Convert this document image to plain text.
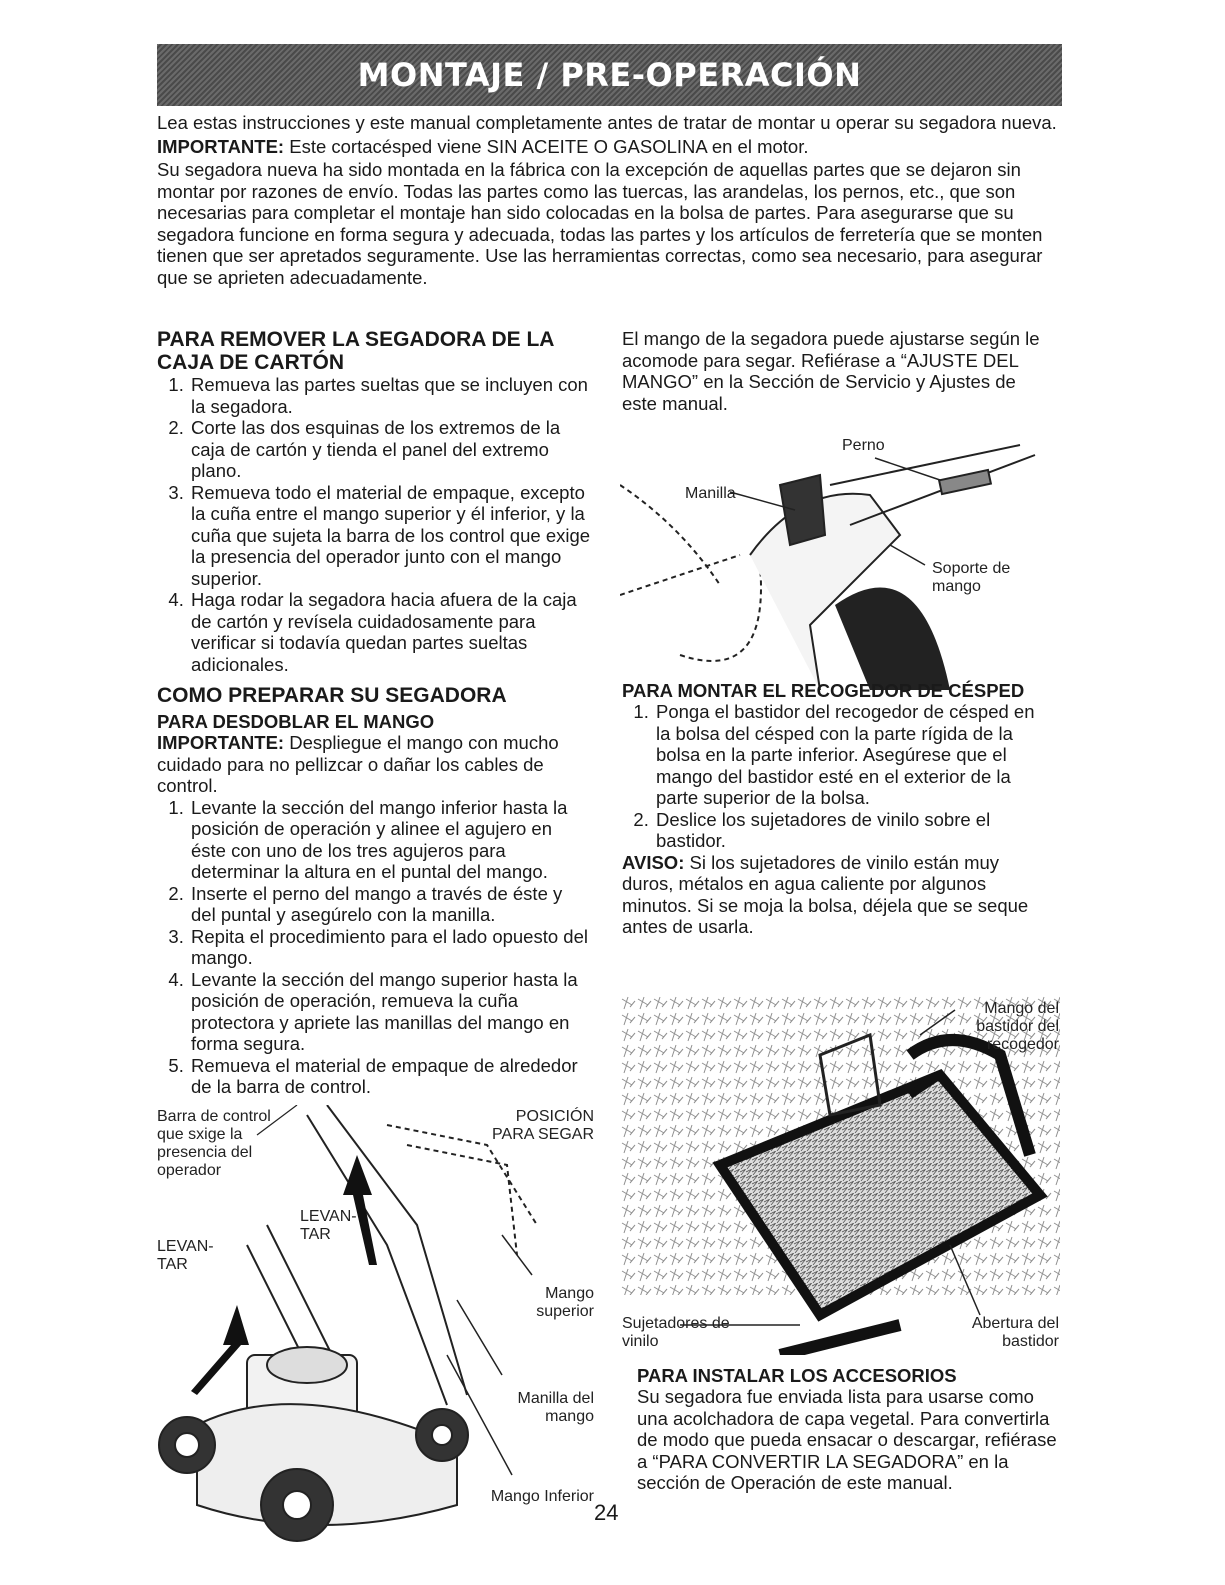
MONTAJE / PRE-OPERACIÓN

Lea estas instrucciones y este manual completamente antes de tratar de montar u operar su segadora nueva.

IMPORTANTE: Este cortacésped viene SIN ACEITE O GASOLINA en el motor.

Su segadora nueva ha sido montada en la fábrica con la excepción de aquellas partes que se dejaron sin montar por razones de envío. Todas las partes como las tuercas, las arandelas, los pernos, etc., que son necesarias para completar el montaje han sido colocadas en la bolsa de partes. Para asegurarse que su segadora funcione en forma segura y adecuada, todas las partes y los artículos de ferretería que se monten tienen que ser apretados seguramente. Use las herramientas correctas, como sea necesario, para asegurar que se aprieten adecuadamente.

PARA REMOVER LA SEGADORA DE LA CAJA DE CARTÓN
1. Remueva las partes sueltas que se incluyen con la segadora.
2. Corte las dos esquinas de los extremos de la caja de cartón y tienda el panel del extremo plano.
3. Remueva todo el material de empaque, excepto la cuña entre el mango superior y él inferior, y la cuña que sujeta la barra de los control que exige la presencia del operador junto con el mango superior.
4. Haga rodar la segadora hacia afuera de la caja de cartón y revísela cuidadosamente para verificar si todavía quedan partes sueltas adicionales.
COMO PREPARAR SU SEGADORA
PARA DESDOBLAR EL MANGO

IMPORTANTE: Despliegue el mango con mucho cuidado para no pellizcar o dañar los cables de control.

1. Levante la sección del mango inferior hasta la posición de operación y alinee el agujero en éste con uno de los tres agujeros para determinar la altura en el puntal del mango.
2. Inserte el perno del mango a través de éste y del puntal y asegúrelo con la manilla.
3. Repita el procedimiento para el lado opuesto del mango.
4. Levante la sección del mango superior hasta la posición de operación, remueva la cuña protectora y apriete las manillas del mango en forma segura.
5. Remueva el material de empaque de alrededor de la barra de control.
Barra de control que sxige la presencia del operador
POSICIÓN PARA SEGAR
LEVAN-TAR
LEVAN-TAR
Mango superior
Manilla del mango
Mango Inferior
El mango de la segadora puede ajustarse según le acomode para segar. Refiérase a “AJUSTE DEL MANGO” en la Sección de Servicio y Ajustes de este manual.
Perno
Manilla
Soporte de mango
PARA MONTAR EL RECOGEDOR DE CÉSPED
1. Ponga el bastidor del recogedor de césped en la bolsa del césped con la parte rígida de la bolsa en la parte inferior. Asegúrese que el mango del bastidor esté en el exterior de la parte superior de la bolsa.
2. Deslice los sujetadores de vinilo sobre el bastidor.

AVISO: Si los sujetadores de vinilo están muy duros, métalos en agua caliente por algunos minutos. Si se moja la bolsa, déjela que se seque antes de usarla.

Mango del bastidor del recogedor
Sujetadores de vinilo
Abertura del bastidor
PARA INSTALAR LOS ACCESORIOS

Su segadora fue enviada lista para usarse como una acolchadora de capa vegetal. Para convertirla de modo que pueda ensacar o descargar, refiérase a “PARA CONVERTIR LA SEGADORA” en la sección de Operación de este manual.

24
